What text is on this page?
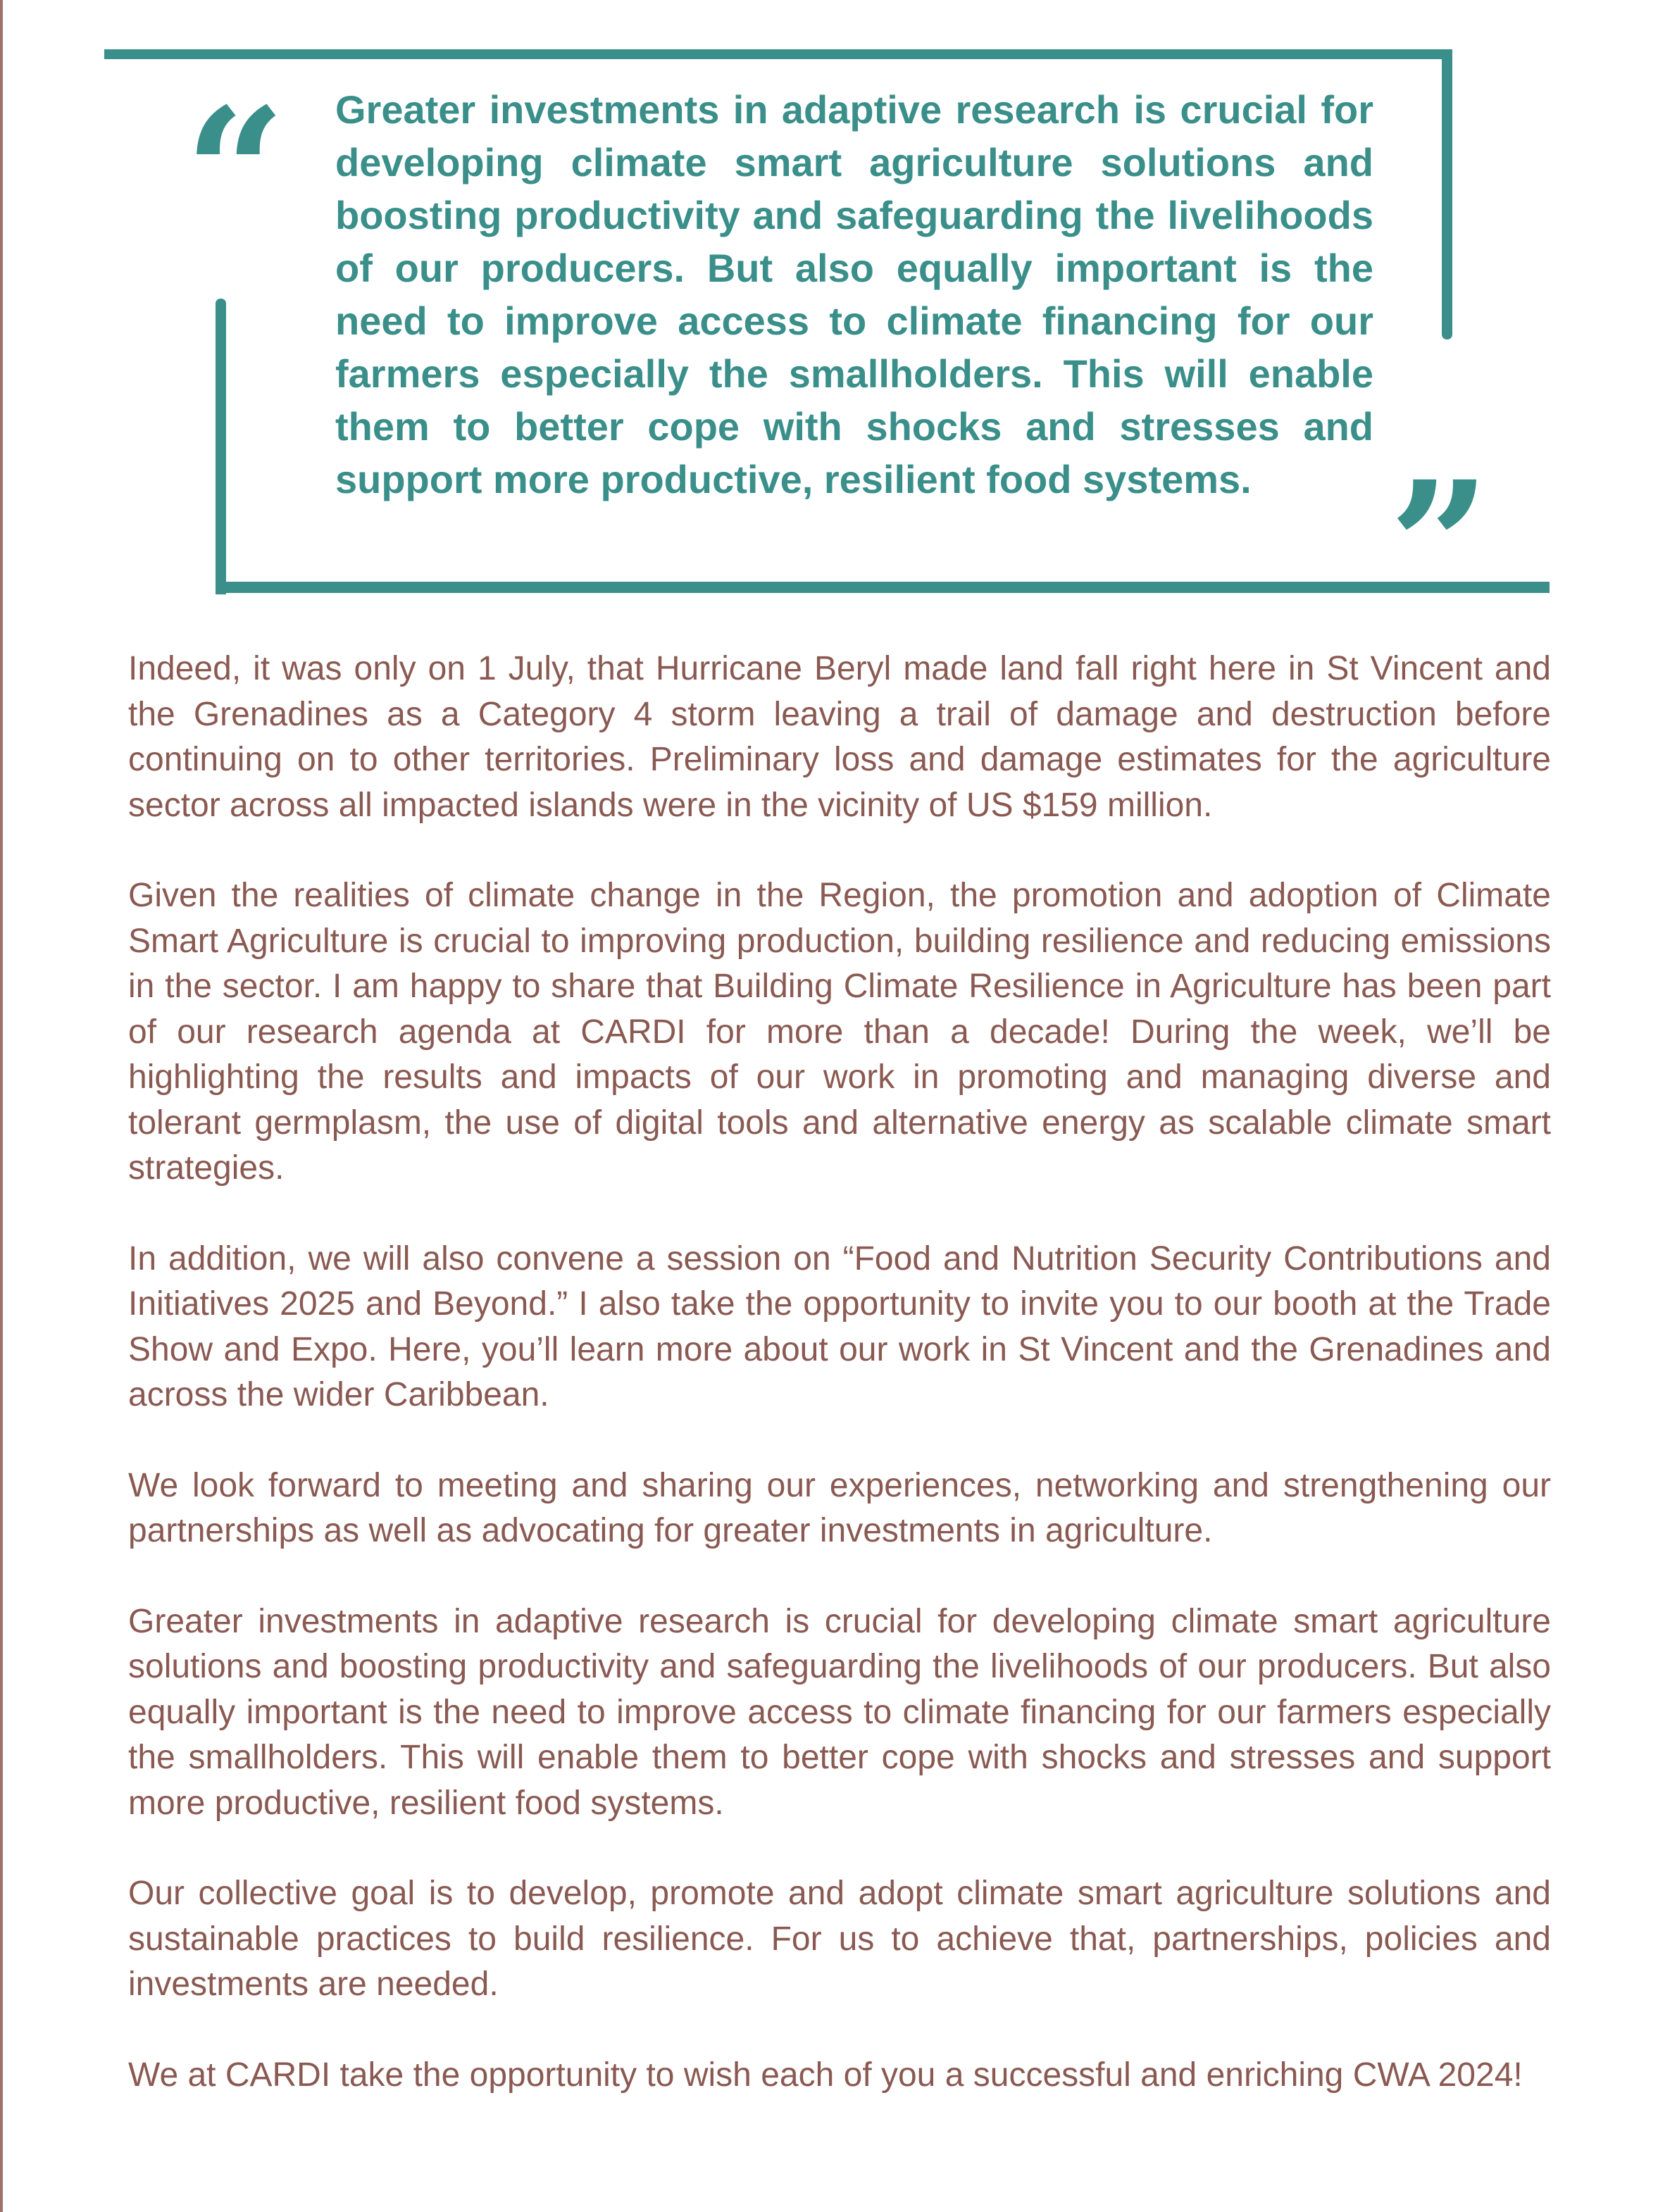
“ Greater investments in adaptive research is crucial for developing climate smart agriculture solutions and boosting productivity and safeguarding the livelihoods of our producers. But also equally important is the need to improve access to climate financing for our farmers especially the smallholders. This will enable them to better cope with shocks and stresses and support more productive, resilient food systems. ”

Indeed, it was only on 1 July, that Hurricane Beryl made land fall right here in St Vincent and the Grenadines as a Category 4 storm leaving a trail of damage and destruction before continuing on to other territories. Preliminary loss and damage estimates for the agriculture sector across all impacted islands were in the vicinity of US $159 million.

Given the realities of climate change in the Region, the promotion and adoption of Climate Smart Agriculture is crucial to improving production, building resilience and reducing emissions in the sector. I am happy to share that Building Climate Resilience in Agriculture has been part of our research agenda at CARDI for more than a decade! During the week, we’ll be highlighting the results and impacts of our work in promoting and managing diverse and tolerant germplasm, the use of digital tools and alternative energy as scalable climate smart strategies.

In addition, we will also convene a session on “Food and Nutrition Security Contributions and Initiatives 2025 and Beyond.” I also take the opportunity to invite you to our booth at the Trade Show and Expo. Here, you’ll learn more about our work in St Vincent and the Grenadines and across the wider Caribbean.

We look forward to meeting and sharing our experiences, networking and strengthening our partnerships as well as advocating for greater investments in agriculture.

Greater investments in adaptive research is crucial for developing climate smart agriculture solutions and boosting productivity and safeguarding the livelihoods of our producers. But also equally important is the need to improve access to climate financing for our farmers especially the smallholders. This will enable them to better cope with shocks and stresses and support more productive, resilient food systems.

Our collective goal is to develop, promote and adopt climate smart agriculture solutions and sustainable practices to build resilience. For us to achieve that, partnerships, policies and investments are needed.

We at CARDI take the opportunity to wish each of you a successful and enriching CWA 2024!
